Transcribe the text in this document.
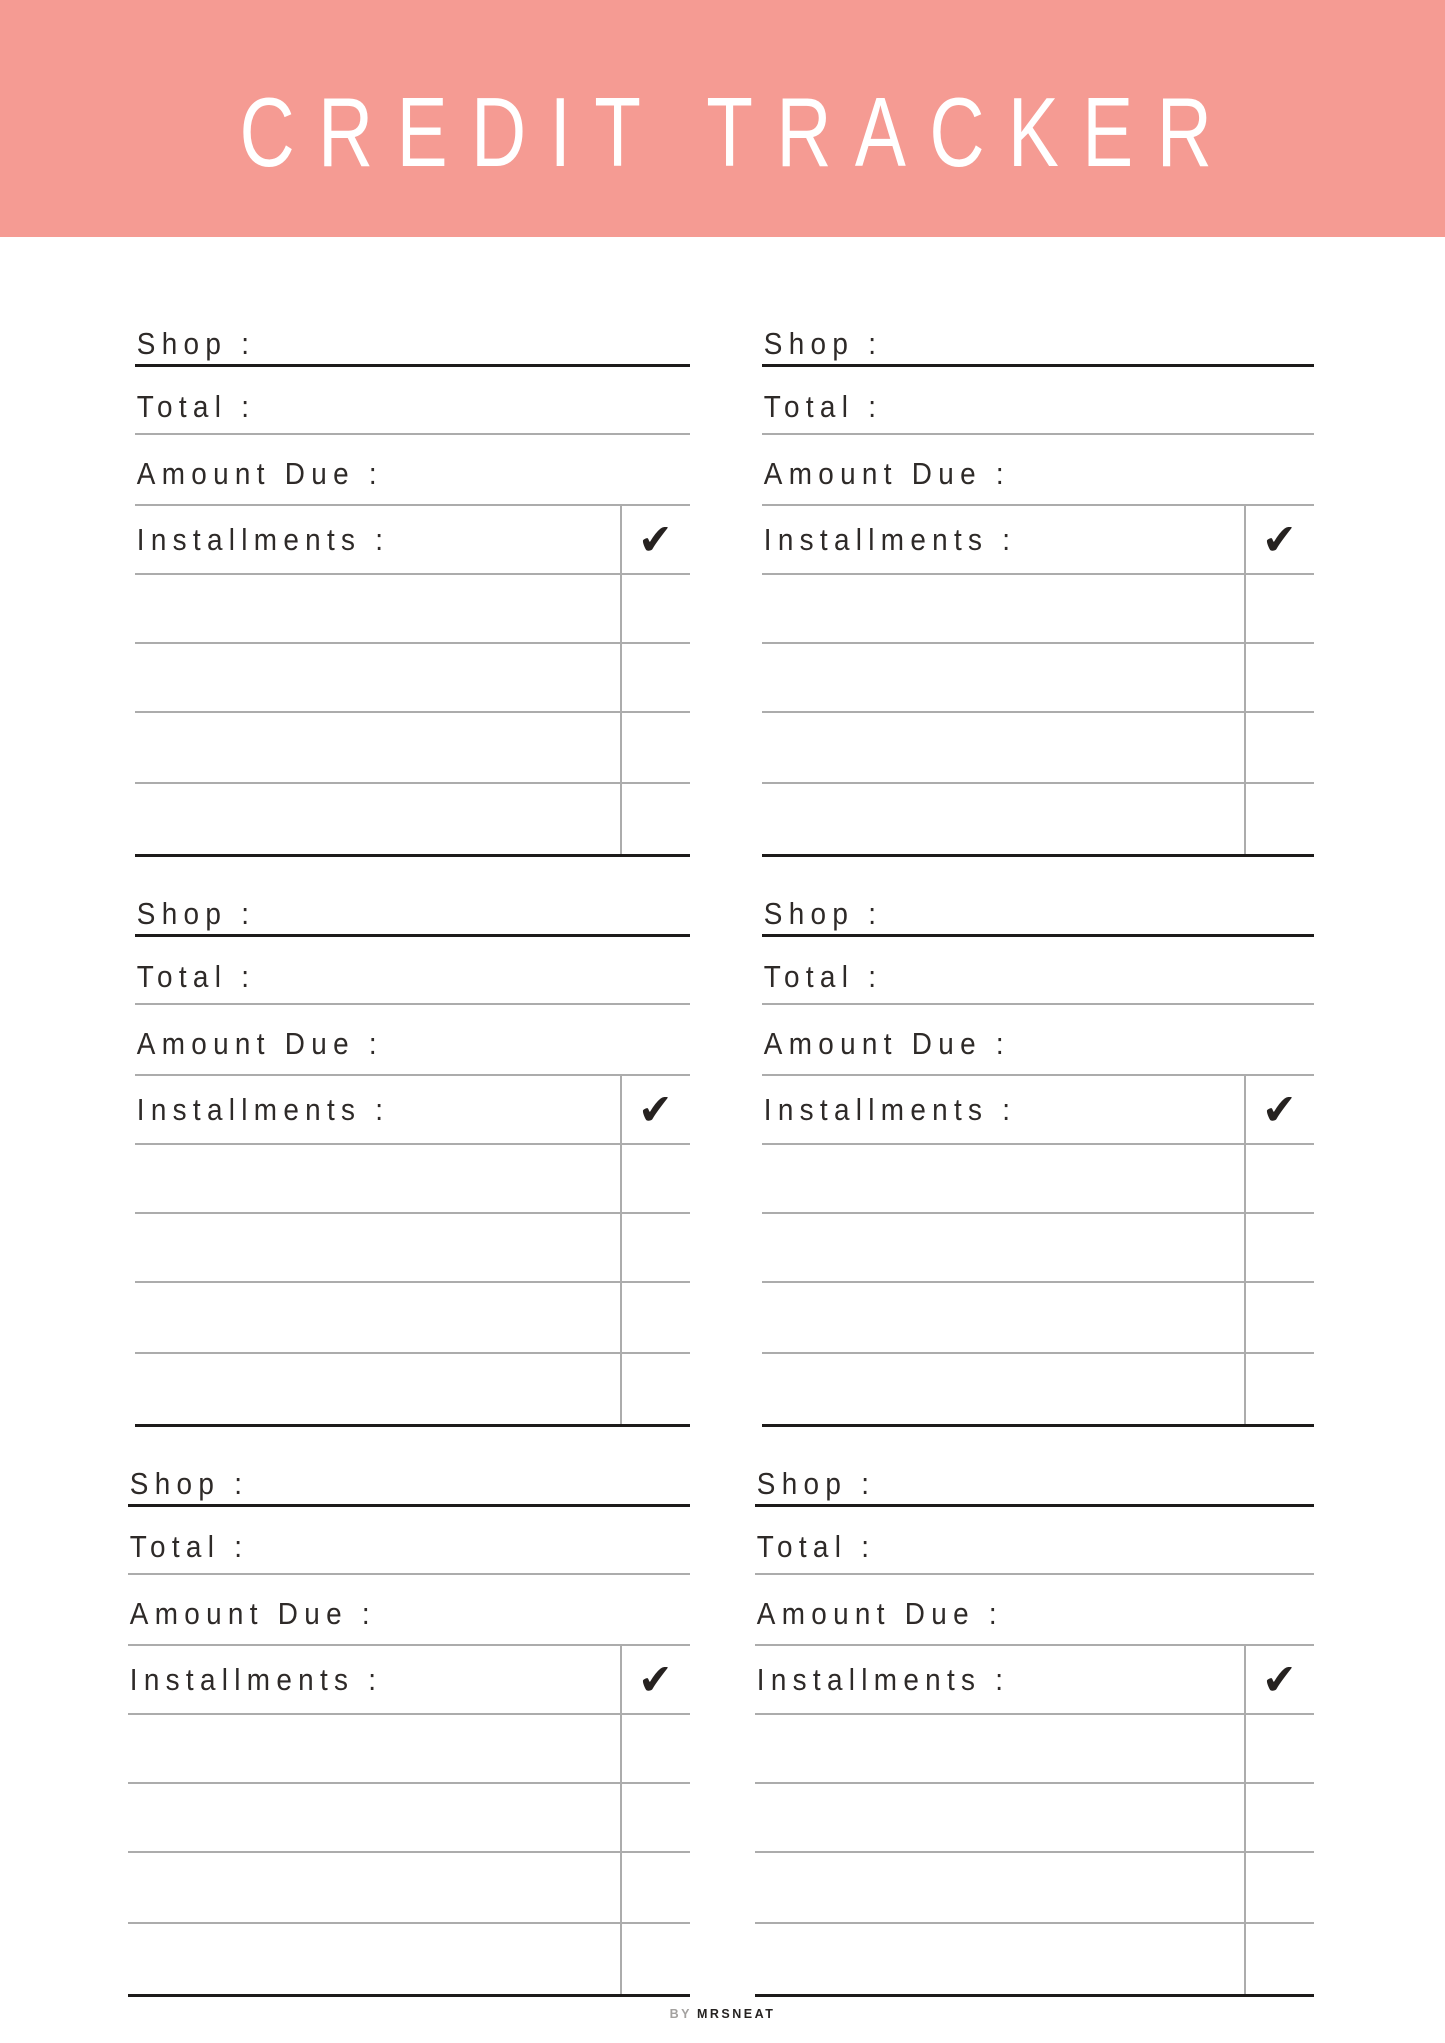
CREDIT TRACKER
Shop :
Total :
Amount Due :
Installments :	✔
Shop :
Total :
Amount Due :
Installments :	✔
Shop :
Total :
Amount Due :
Installments :	✔
Shop :
Total :
Amount Due :
Installments :	✔
Shop :
Total :
Amount Due :
Installments :	✔
Shop :
Total :
Amount Due :
Installments :	✔
BY MRSNEAT
